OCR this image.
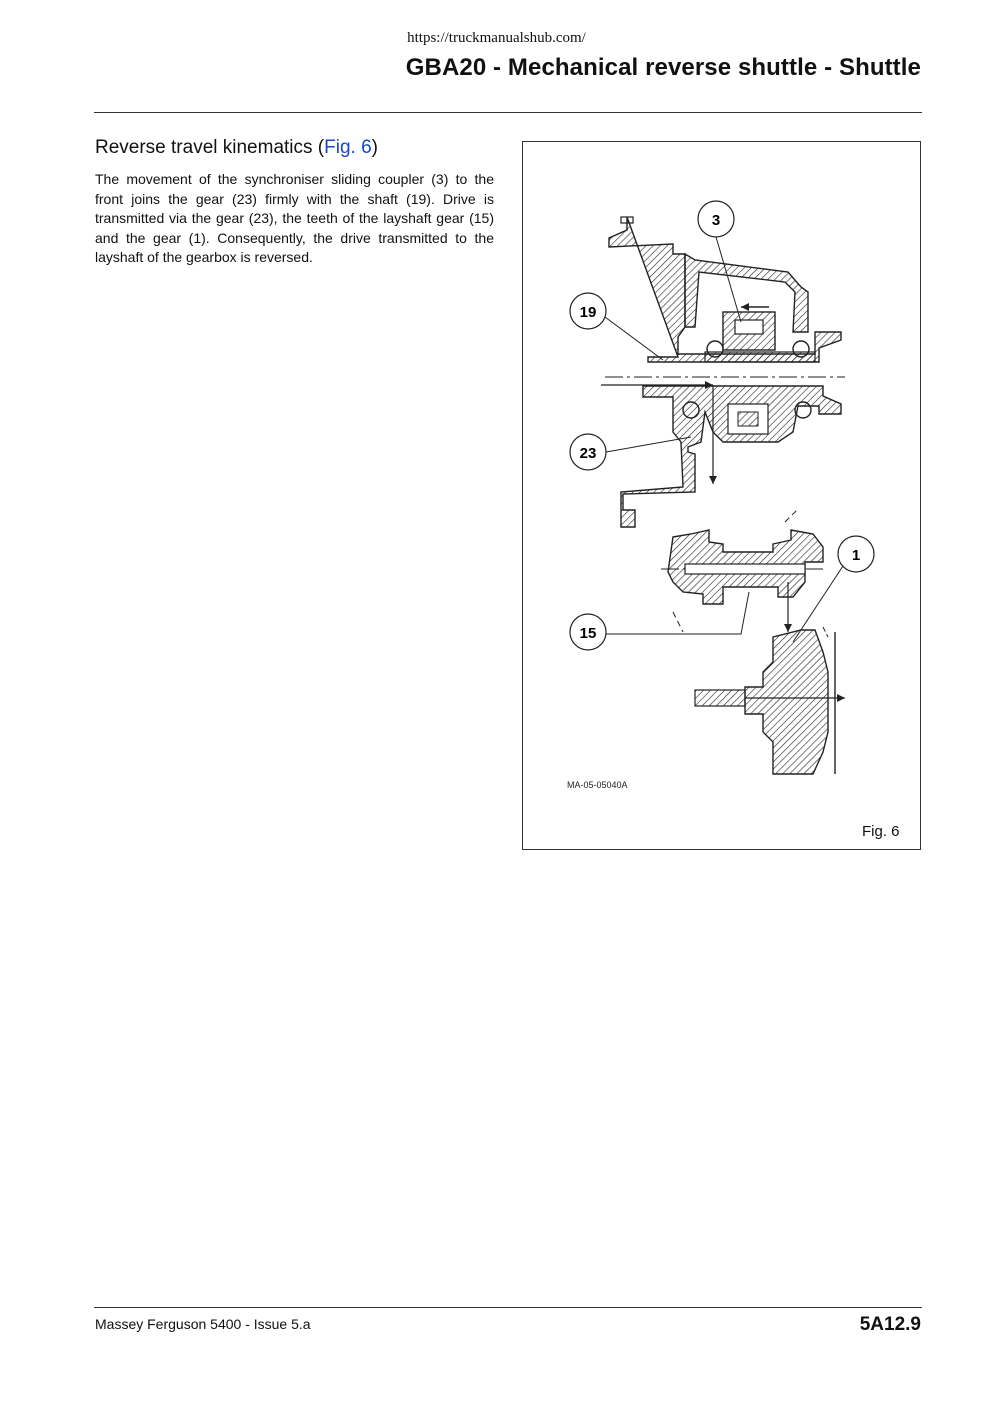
https://truckmanualshub.com/
GBA20 - Mechanical reverse shuttle - Shuttle
Reverse travel kinematics (Fig. 6)
The movement of the synchroniser sliding coupler (3) to the front joins the gear (23) firmly with the shaft (19). Drive is transmitted via the gear (23), the teeth of the layshaft gear (15) and the gear (1). Consequently, the drive transmitted to the layshaft of the gearbox is reversed.
3
19
23
1
15
MA-05-05040A
Fig. 6
Massey Ferguson 5400 - Issue 5.a	5A12.9
